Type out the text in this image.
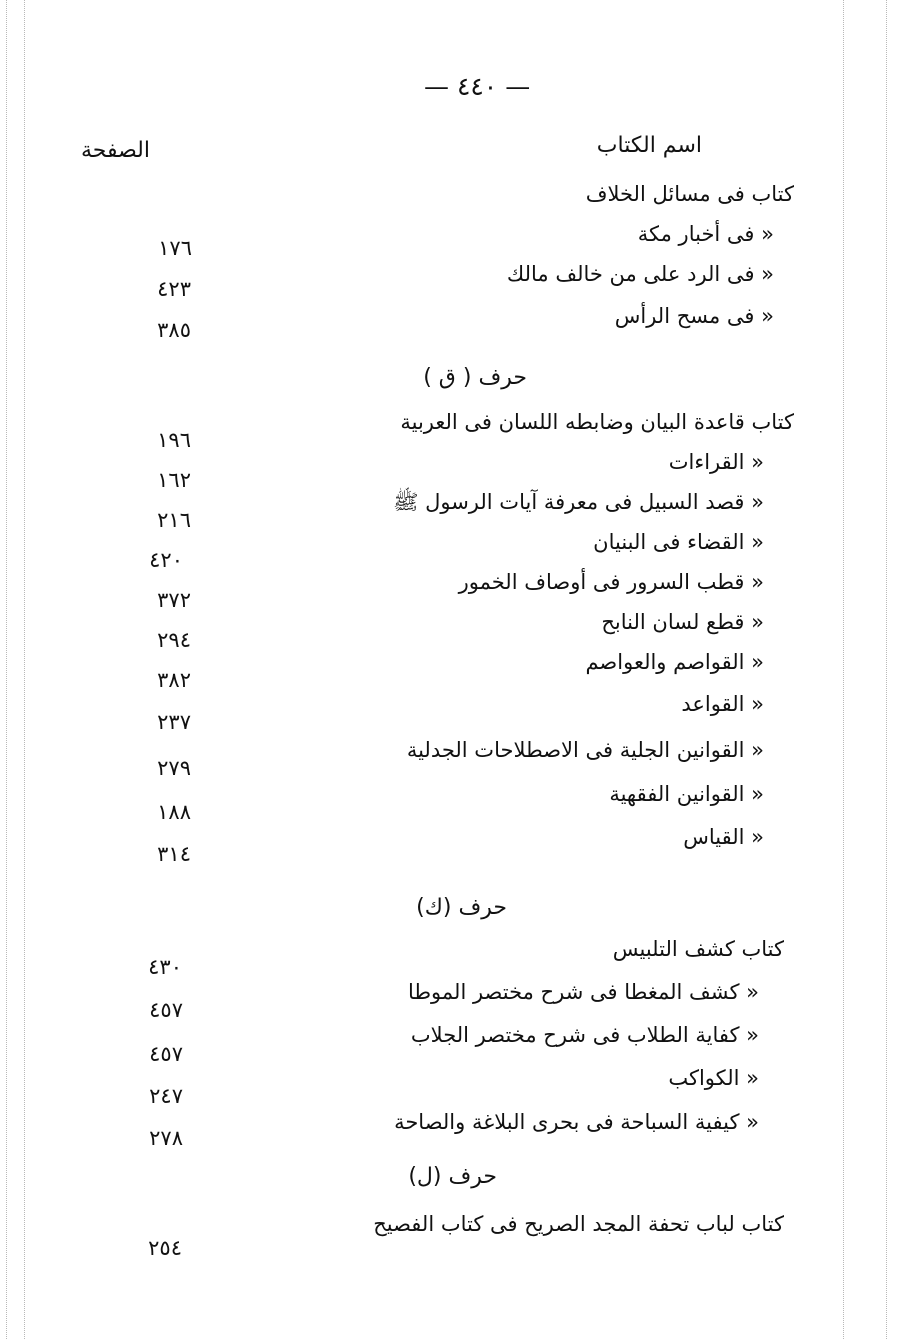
— ٤٤٠ —
الصفحة	اسم الكتاب
كتاب فى مسائل الخلاف
« فى أخبار مكة
١٧٦
« فى الرد على من خالف مالك
٤٢٣
« فى مسح الرأس
٣٨٥
حرف ( ق )
كتاب قاعدة البيان وضابطه اللسان فى العربية
١٩٦
« القراءات
١٦٢
« قصد السبيل فى معرفة آيات الرسول ﷺ
٢١٦
« القضاء فى البنيان
٤٢٠
« قطب السرور فى أوصاف الخمور
٣٧٢
« قطع لسان النابح
٢٩٤
« القواصم والعواصم
٣٨٢
« القواعد
٢٣٧
« القوانين الجلية فى الاصطلاحات الجدلية
٢٧٩
« القوانين الفقهية
١٨٨
« القياس
٣١٤
حرف (ك)
كتاب كشف التلبيس
٤٣٠
« كشف المغطا فى شرح مختصر الموطا
٤٥٧
« كفاية الطلاب فى شرح مختصر الجلاب
٤٥٧
« الكواكب
٢٤٧
« كيفية السباحة فى بحرى البلاغة والصاحة
٢٧٨
حرف (ل)
كتاب لباب تحفة المجد الصريح فى كتاب الفصيح
٢٥٤
